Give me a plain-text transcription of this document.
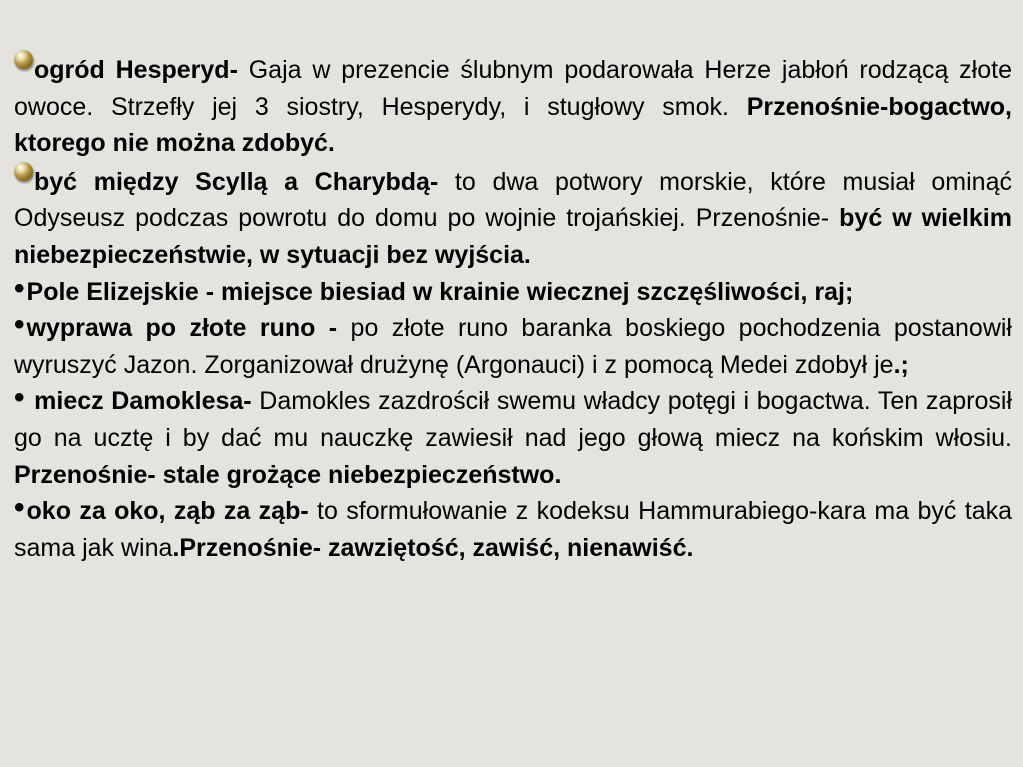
ogród Hesperyd- Gaja w prezencie ślubnym podarowała Herze jabłoń rodzącą złote owoce. Strzefły jej 3 siostry, Hesperydy, i stugłowy smok. Przenośnie-bogactwo, ktorego nie można zdobyć.

być między Scyllą a Charybdą- to dwa potwory morskie, które musiał ominąć Odyseusz podczas powrotu do domu po wojnie trojańskiej. Przenośnie- być w wielkim niebezpieczeństwie, w sytuacji bez wyjścia.

•Pole Elizejskie - miejsce biesiad w krainie wiecznej szczęśliwości, raj;

•wyprawa po złote runo - po złote runo baranka boskiego pochodzenia postanowił wyruszyć Jazon. Zorganizował drużynę (Argonauci) i z pomocą Medei zdobył je.;

• miecz Damoklesa- Damokles zazdrościł swemu władcy potęgi i bogactwa. Ten zaprosił go na ucztę i by dać mu nauczkę zawiesił nad jego głową miecz na końskim włosiu. Przenośnie- stale grożące niebezpieczeństwo.

•oko za oko, ząb za ząb- to sformułowanie z kodeksu Hammurabiego-kara ma być taka sama jak wina.Przenośnie- zawziętość, zawiść, nienawiść.
